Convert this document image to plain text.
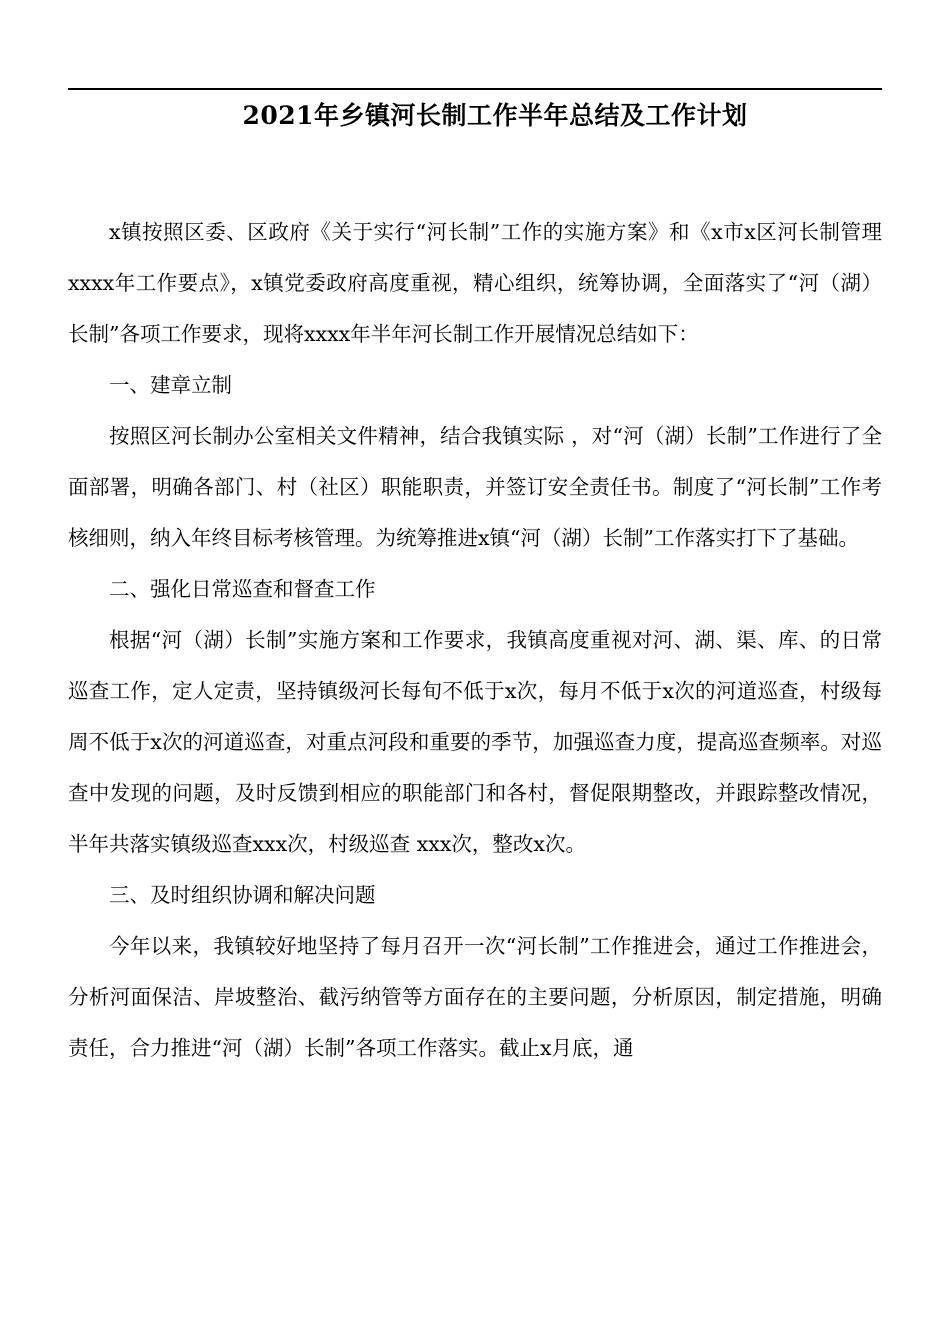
2021年乡镇河长制工作半年总结及工作计划

x镇按照区委、区政府《关于实行“河长制”工作的实施方案》和《x市x区河长制管理xxxx年工作要点》，x镇党委政府高度重视，精心组织，统筹协调，全面落实了“河（湖）长制”各项工作要求，现将xxxx年半年河长制工作开展情况总结如下：

一、建章立制

按照区河长制办公室相关文件精神，结合我镇实际 ，对“河（湖）长制”工作进行了全面部署，明确各部门、村（社区）职能职责，并签订安全责任书。制度了“河长制”工作考核细则，纳入年终目标考核管理。为统筹推进x镇“河（湖）长制”工作落实打下了基础。

二、强化日常巡查和督查工作

根据“河（湖）长制”实施方案和工作要求，我镇高度重视对河、湖、渠、库、的日常巡查工作，定人定责，坚持镇级河长每旬不低于x次，每月不低于x次的河道巡查，村级每周不低于x次的河道巡查，对重点河段和重要的季节，加强巡查力度，提高巡查频率。对巡查中发现的问题，及时反馈到相应的职能部门和各村，督促限期整改，并跟踪整改情况，半年共落实镇级巡查xxx次，村级巡查 xxx次，整改x次。

三、及时组织协调和解决问题

今年以来，我镇较好地坚持了每月召开一次“河长制”工作推进会，通过工作推进会，分析河面保洁、岸坡整治、截污纳管等方面存在的主要问题，分析原因，制定措施，明确责任，合力推进“河（湖）长制”各项工作落实。截止x月底，通
